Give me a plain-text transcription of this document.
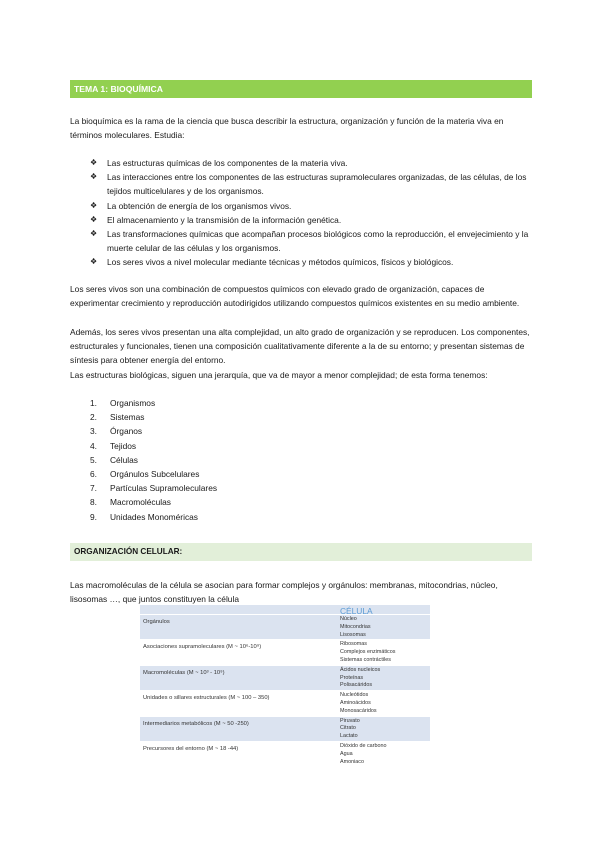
TEMA 1: BIOQUÍMICA

La bioquímica es la rama de la ciencia que busca describir la estructura, organización y función de la materia viva en términos moleculares. Estudia:

❖ Las estructuras químicas de los componentes de la materia viva.
❖ Las interacciones entre los componentes de las estructuras supramoleculares organizadas, de las células, de los tejidos multicelulares y de los organismos.
❖ La obtención de energía de los organismos vivos.
❖ El almacenamiento y la transmisión de la información genética.
❖ Las transformaciones químicas que acompañan procesos biológicos como la reproducción, el envejecimiento y la muerte celular de las células y los organismos.
❖ Los seres vivos a nivel molecular mediante técnicas y métodos químicos, físicos y biológicos.

Los seres vivos son una combinación de compuestos químicos con elevado grado de organización, capaces de experimentar crecimiento y reproducción autodirigidos utilizando compuestos químicos existentes en su medio ambiente.

Además, los seres vivos presentan una alta complejidad, un alto grado de organización y se reproducen. Los componentes, estructurales y funcionales, tienen una composición cualitativamente diferente a la de su entorno; y presentan sistemas de síntesis para obtener energía del entorno.

Las estructuras biológicas, siguen una jerarquía, que va de mayor a menor complejidad; de esta forma tenemos:

1. Organismos
2. Sistemas
3. Órganos
4. Tejidos
5. Células
6. Orgánulos Subcelulares
7. Partículas Supramoleculares
8. Macromoléculas
9. Unidades Monoméricas
ORGANIZACIÓN CELULAR:

Las macromoléculas de la célula se asocian para formar complejos y orgánulos: membranas, mitocondrias, núcleo, lisosomas …, que juntos constituyen la célula

CÉLULA
Orgánulos	Núcleo
Mitocondrias
Lisosomas
Asociaciones supramoleculares (M ~ 10⁶-10⁹)	Ribosomas
Complejos enzimáticos
Sistemas contráctiles
Macromoléculas (M ~ 10³ - 10⁹)	Ácidos nucleicos
Proteínas
Polisacáridos
Unidades o sillares estructurales (M ~ 100 – 350)	Nucleótidos
Aminoácidos
Monosacáridos
Intermediarios metabólicos (M ~ 50 -250)	Piruvato
Citrato
Lactato
Precursores del entorno (M ~ 18 -44)	Dióxido de carbono
Agua
Amoniaco
